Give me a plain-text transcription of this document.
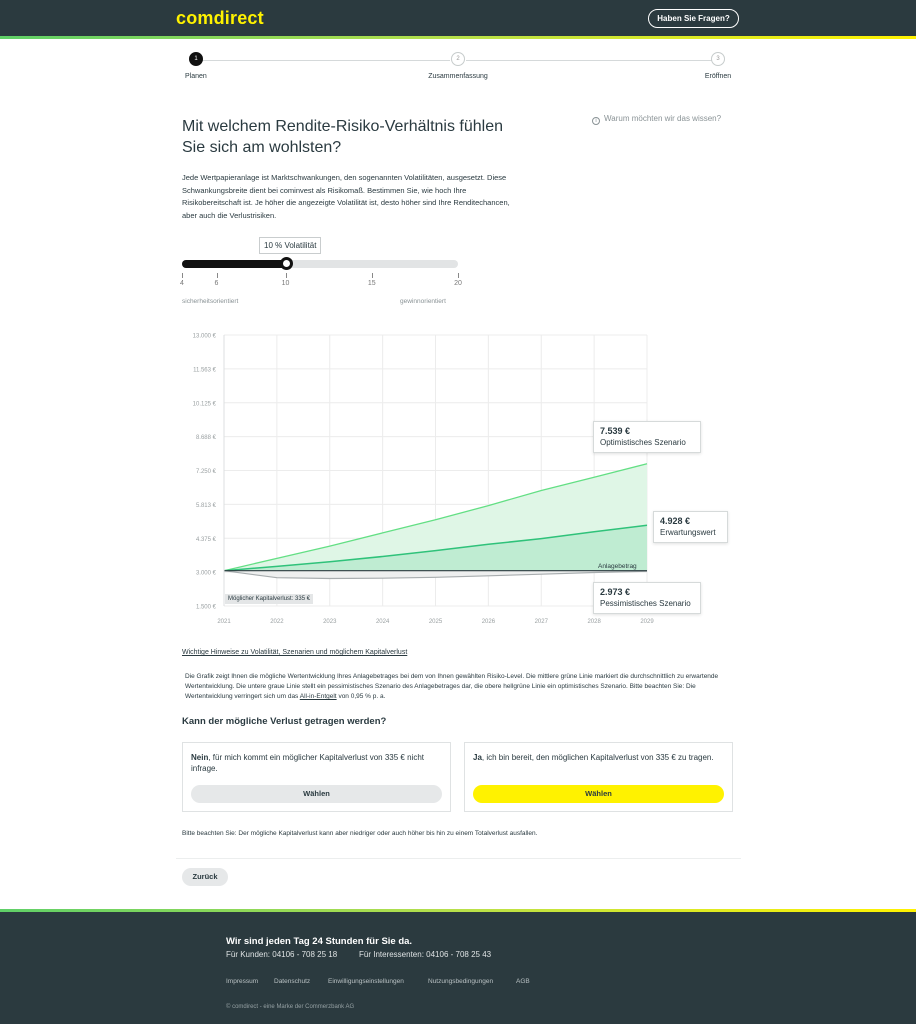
comdirect	Haben Sie Fragen?
1
Planen
2
Zusammenfassung
3
Eröffnen
Mit welchem Rendite-Risiko-Verhältnis fühlen Sie sich am wohlsten?
i Warum möchten wir das wissen?

Jede Wertpapieranlage ist Marktschwankungen, den sogenannten Volatilitäten, ausgesetzt. Diese Schwankungsbreite dient bei cominvest als Risikomaß. Bestimmen Sie, wie hoch Ihre Risikobereitschaft ist. Je höher die angezeigte Volatilität ist, desto höher sind Ihre Renditechancen, aber auch die Verlustrisiken.

10 % Volatilität
4	6	10	15	20
sicherheitsorientiert	gewinnorientiert
13.000 €
11.563 €
10.125 €
8.688 €
7.250 €
5.813 €
4.375 €
3.000 €
1.500 €
2021	2022	2023	2024	2025	2026	2027	2028	2029
7.539 €
Optimistisches Szenario
4.928 €
Erwartungswert
2.973 €
Pessimistisches Szenario
Anlagebetrag
Möglicher Kapitalverlust: 335 €
Wichtige Hinweise zu Volatilität, Szenarien und möglichem Kapitalverlust

Die Grafik zeigt Ihnen die mögliche Wertentwicklung Ihres Anlagebetrages bei dem von Ihnen gewählten Risiko-Level. Die mittlere grüne Linie markiert die durchschnittlich zu erwartende Wertentwicklung. Die untere graue Linie stellt ein pessimistisches Szenario des Anlagebetrages dar, die obere hellgrüne Linie ein optimistisches Szenario. Bitte beachten Sie: Die Wertentwicklung verringert sich um das All-in-Entgelt von 0,95 % p. a.

Kann der mögliche Verlust getragen werden?
Nein, für mich kommt ein möglicher Kapitalverlust von 335 € nicht infrage.
Wählen
Ja, ich bin bereit, den möglichen Kapitalverlust von 335 € zu tragen.
Wählen
Bitte beachten Sie: Der mögliche Kapitalverlust kann aber niedriger oder auch höher bis hin zu einem Totalverlust ausfallen.
Zurück
Wir sind jeden Tag 24 Stunden für Sie da.
Für Kunden: 04106 - 708 25 18	Für Interessenten: 04106 - 708 25 43
Impressum Datenschutz	Einwilligungseinstellungen	Nutzungsbedingungen	AGB
© comdirect - eine Marke der Commerzbank AG
